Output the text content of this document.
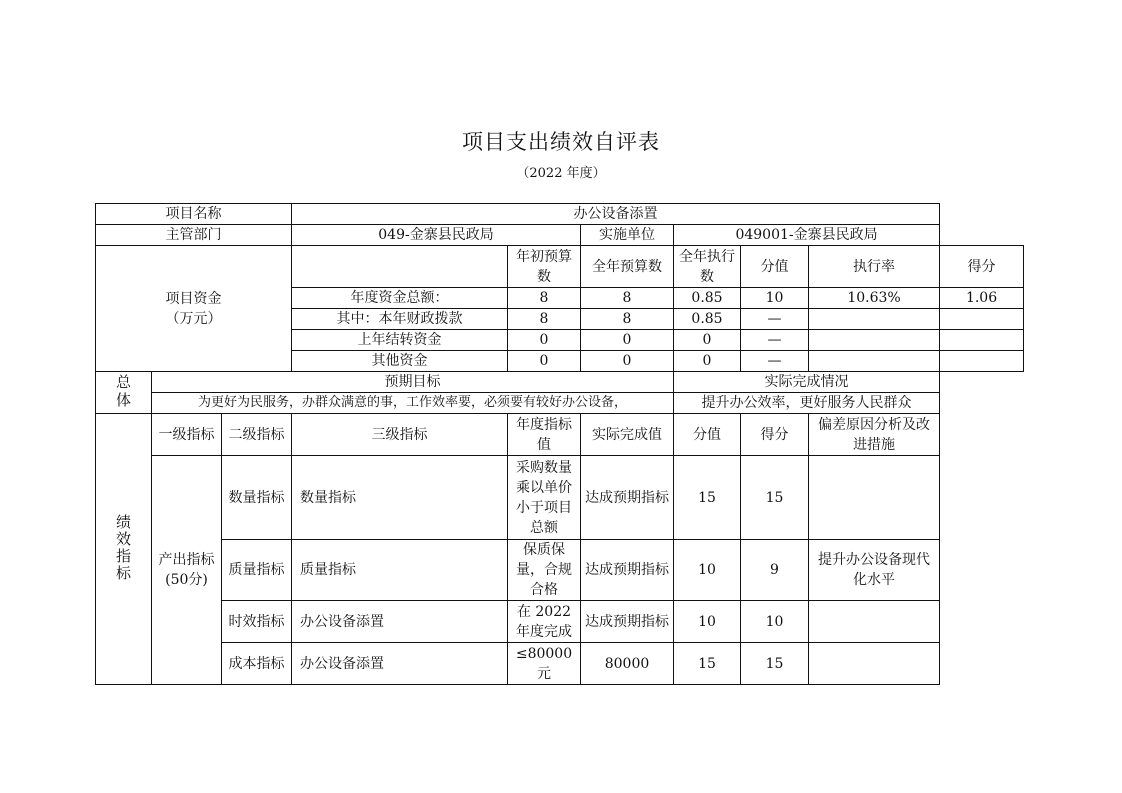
项目支出绩效自评表
（2022 年度）
项目名称			办公设备添置						
主管部门			049-金寨县民政局		实施单位	049001-金寨县民政局			

项目资金
（万元）				年初预算数	全年预算数	全年执行数	分值	执行率	得分
			年度资金总额：	8	8	0.85	10	10.63%	1.06
			其中：本年财政拨款	8	8	0.85	—		
			上年结转资金	0	0	0	—		
			其他资金	0	0	0	—		
总体	预期目标					实际完成情况			
	为更好为民服务，办群众满意的事，工作效率要，必须要有较好办公设备，					提升办公效率，更好服务人民群众			
绩效指标	一级指标	二级指标	三级指标	年度指标值	实际完成值	分值	得分	偏差原因分析及改进措施	
	产出指标(50分)	数量指标	数量指标	采购数量乘以单价小于项目总额	达成预期指标	15	15		
		质量指标	质量指标	保质保量，合规合格	达成预期指标	10	9	提升办公设备现代化水平	
		时效指标	办公设备添置	在 2022 年度完成	达成预期指标	10	10		
		成本指标	办公设备添置	≤80000 元	80000	15	15		
